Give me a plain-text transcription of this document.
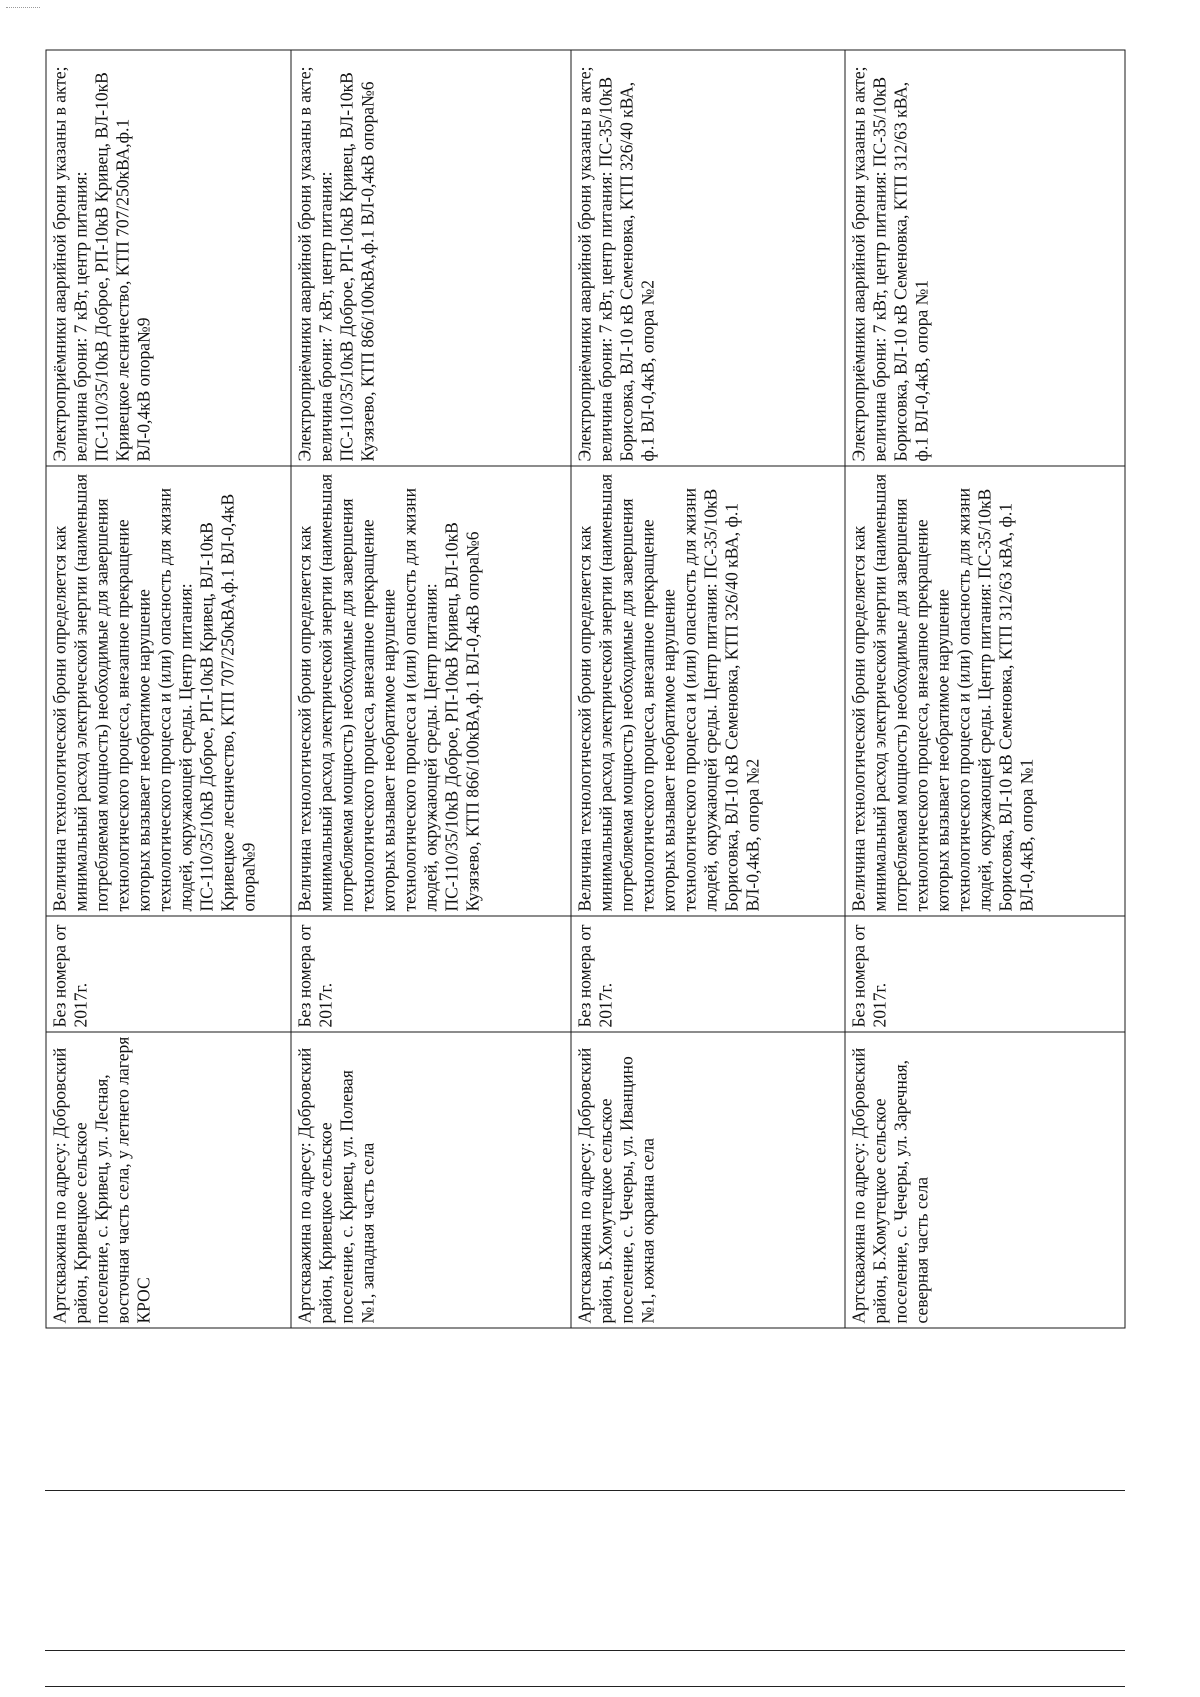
Артскважина по адресу: Добровский район, Кривецкое сельское поселение, с. Кривец, ул. Лесная, восточная часть села, у летнего лагеря КРОС	Без номера от 2017г.	Величина технологической брони определяется как минимальный расход электрической энергии (наименьшая потребляемая мощность) необходимые для завершения технологического процесса, внезапное прекращение которых вызывает необратимое нарушение технологического процесса и (или) опасность для жизни людей, окружающей среды. Центр питания: ПС-110/35/10кВ Доброе, РП-10кВ Кривец, ВЛ-10кВ Кривецкое лесничество, КТП 707/250кВА,ф.1 ВЛ-0,4кВ опора№9	Электроприёмники аварийной брони указаны в акте; величина брони: 7 кВт, центр питания: ПС-110/35/10кВ Доброе, РП-10кВ Кривец, ВЛ-10кВ Кривецкое лесничество, КТП 707/250кВА,ф.1 ВЛ-0,4кВ опора№9
Артскважина по адресу: Добровский район, Кривецкое сельское поселение, с. Кривец, ул. Полевая №1, западная часть села	Без номера от 2017г.	Величина технологической брони определяется как минимальный расход электрической энергии (наименьшая потребляемая мощность) необходимые для завершения технологического процесса, внезапное прекращение которых вызывает необратимое нарушение технологического процесса и (или) опасность для жизни людей, окружающей среды. Центр питания: ПС-110/35/10кВ Доброе, РП-10кВ Кривец, ВЛ-10кВ Кузязево, КТП 866/100кВА,ф.1 ВЛ-0,4кВ опора№6	Электроприёмники аварийной брони указаны в акте; величина брони: 7 кВт, центр питания: ПС-110/35/10кВ Доброе, РП-10кВ Кривец, ВЛ-10кВ Кузязево, КТП 866/100кВА,ф.1 ВЛ-0,4кВ опора№6
Артскважина по адресу: Добровский район, Б.Хомутецкое сельское поселение, с. Чечеры, ул. Иванцино №1, южная окраина села	Без номера от 2017г.	Величина технологической брони определяется как минимальный расход электрической энергии (наименьшая потребляемая мощность) необходимые для завершения технологического процесса, внезапное прекращение которых вызывает необратимое нарушение технологического процесса и (или) опасность для жизни людей, окружающей среды. Центр питания: ПС-35/10кВ Борисовка, ВЛ-10 кВ Семеновка, КТП 326/40 кВА, ф.1 ВЛ-0,4кВ, опора №2	Электроприёмники аварийной брони указаны в акте; величина брони: 7 кВт, центр питания: ПС-35/10кВ Борисовка, ВЛ-10 кВ Семеновка, КТП 326/40 кВА, ф.1 ВЛ-0,4кВ, опора №2
Артскважина по адресу: Добровский район, Б.Хомутецкое сельское поселение, с. Чечеры, ул. Заречная, северная часть села	Без номера от 2017г.	Величина технологической брони определяется как минимальный расход электрической энергии (наименьшая потребляемая мощность) необходимые для завершения технологического процесса, внезапное прекращение которых вызывает необратимое нарушение технологического процесса и (или) опасность для жизни людей, окружающей среды. Центр питания: ПС-35/10кВ Борисовка, ВЛ-10 кВ Семеновка, КТП 312/63 кВА, ф.1 ВЛ-0,4кВ, опора №1	Электроприёмники аварийной брони указаны в акте; величина брони: 7 кВт, центр питания: ПС-35/10кВ Борисовка, ВЛ-10 кВ Семеновка, КТП 312/63 кВА, ф.1 ВЛ-0,4кВ, опора №1
